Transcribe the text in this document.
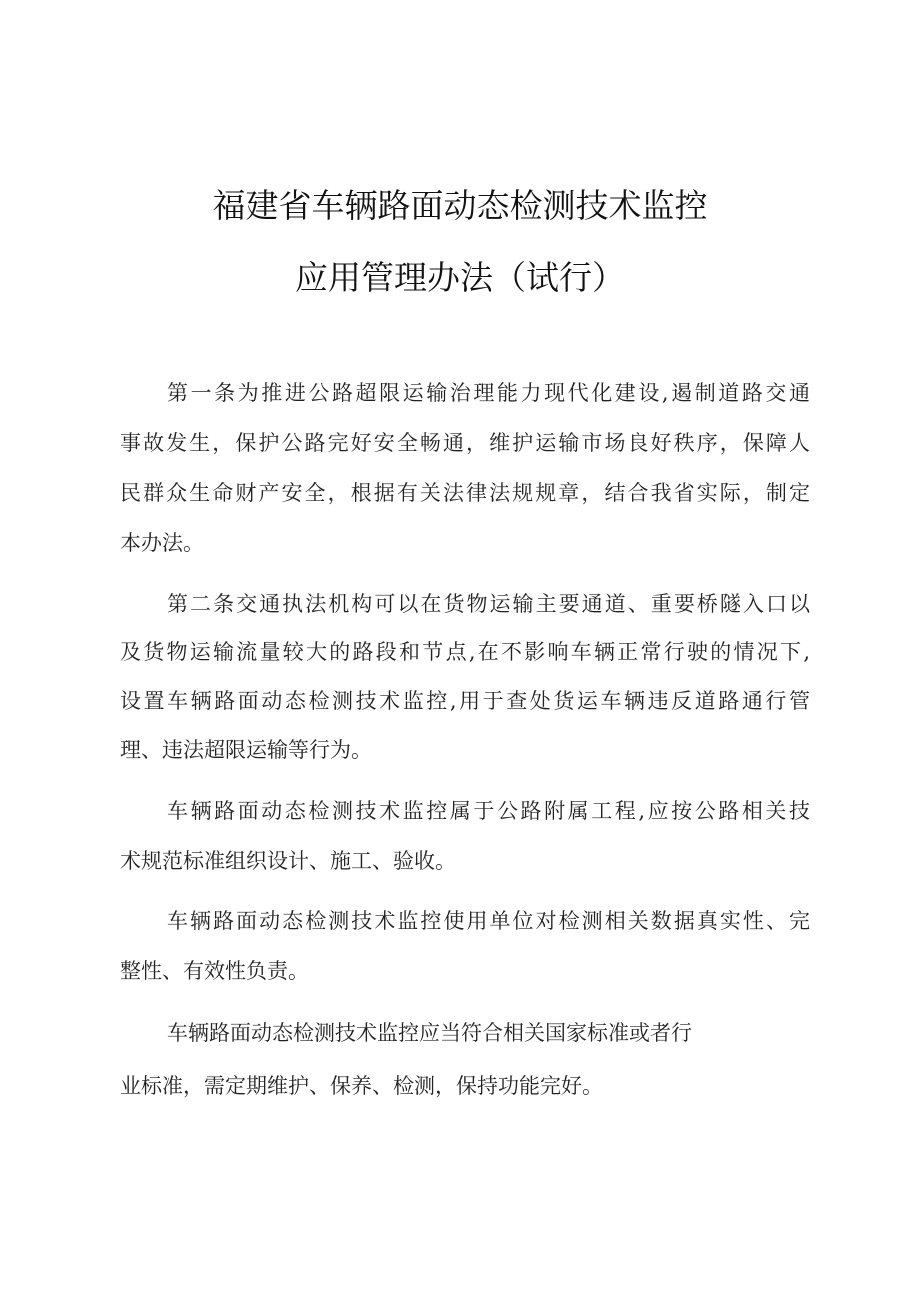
福建省车辆路面动态检测技术监控
应用管理办法（试行）
第一条为推进公路超限运输治理能力现代化建设,遏制道路交通
事故发生，保护公路完好安全畅通，维护运输市场良好秩序，保障人
民群众生命财产安全，根据有关法律法规规章，结合我省实际，制定
本办法。
第二条交通执法机构可以在货物运输主要通道、重要桥隧入口以
及货物运输流量较大的路段和节点,在不影响车辆正常行驶的情况下,
设置车辆路面动态检测技术监控,用于查处货运车辆违反道路通行管
理、违法超限运输等行为。
车辆路面动态检测技术监控属于公路附属工程,应按公路相关技
术规范标准组织设计、施工、验收。
车辆路面动态检测技术监控使用单位对检测相关数据真实性、完
整性、有效性负责。
车辆路面动态检测技术监控应当符合相关国家标准或者行
业标准，需定期维护、保养、检测，保持功能完好。
